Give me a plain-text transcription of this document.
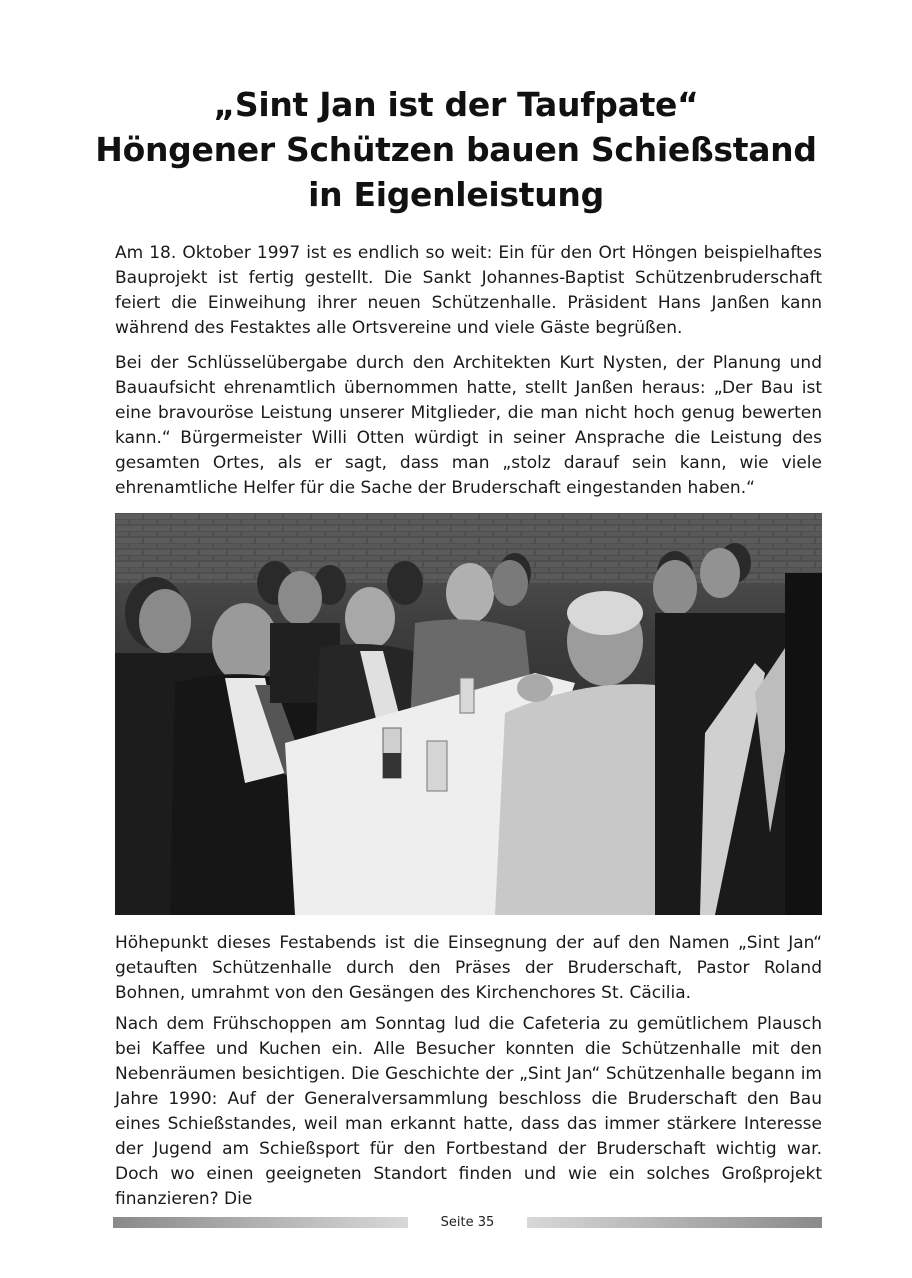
„Sint Jan ist der Taufpate“
Höngener Schützen bauen Schießstand
in Eigenleistung

Am 18. Oktober 1997 ist es endlich so weit: Ein für den Ort Höngen beispielhaftes Bauprojekt ist fertig gestellt. Die Sankt Johannes-Baptist Schützenbruderschaft feiert die Einweihung ihrer neuen Schützenhalle. Präsident Hans Janßen kann während des Festaktes alle Ortsvereine und viele Gäste begrüßen.

Bei der Schlüsselübergabe durch den Architekten Kurt Nysten, der Planung und Bauaufsicht ehrenamtlich übernommen hatte, stellt Janßen heraus: „Der Bau ist eine bravouröse Leistung unserer Mitglieder, die man nicht hoch genug bewerten kann.“ Bürgermeister Willi Otten würdigt in seiner Ansprache die Leistung des gesamten Ortes, als er sagt, dass man „stolz darauf sein kann, wie viele ehrenamtliche Helfer für die Sache der Bruderschaft eingestanden haben.“

Höhepunkt dieses Festabends ist die Einsegnung der auf den Namen „Sint Jan“ getauften Schützenhalle durch den Präses der Bruderschaft, Pastor Roland Bohnen, umrahmt von den Gesängen des Kirchenchores St. Cäcilia.

Nach dem Frühschoppen am Sonntag lud die Cafeteria zu gemütlichem Plausch bei Kaffee und Kuchen ein. Alle Besucher konnten die Schützenhalle mit den Nebenräumen besichtigen. Die Geschichte der „Sint Jan“ Schützenhalle begann im Jahre 1990: Auf der Generalversammlung beschloss die Bruderschaft den Bau eines Schießstandes, weil man erkannt hatte, dass das immer stärkere Interesse der Jugend am Schießsport für den Fortbestand der Bruderschaft wichtig war. Doch wo einen geeigneten Standort finden und wie ein solches Großprojekt finanzieren? Die

Seite 35
